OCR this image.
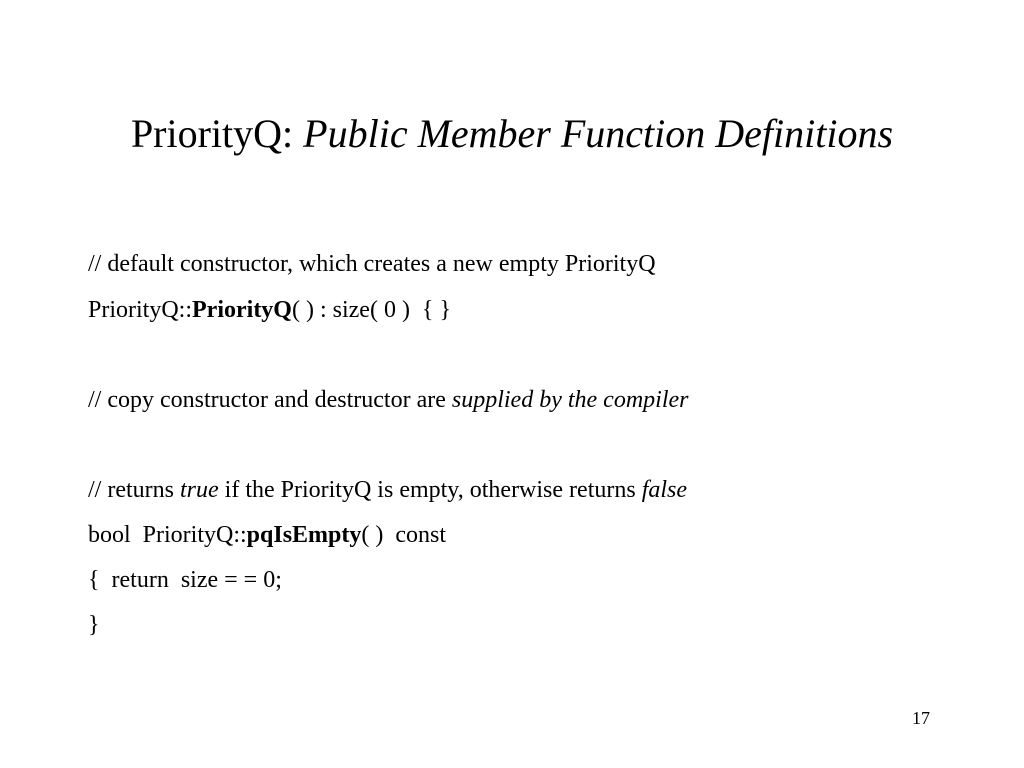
PriorityQ: Public Member Function Definitions
// default constructor, which creates a new empty PriorityQ
PriorityQ::PriorityQ( ) : size( 0 )  { }
// copy constructor and destructor are supplied by the compiler
// returns true if the PriorityQ is empty, otherwise returns false
bool  PriorityQ::pqIsEmpty( )  const
{  return  size = = 0;
}
17
